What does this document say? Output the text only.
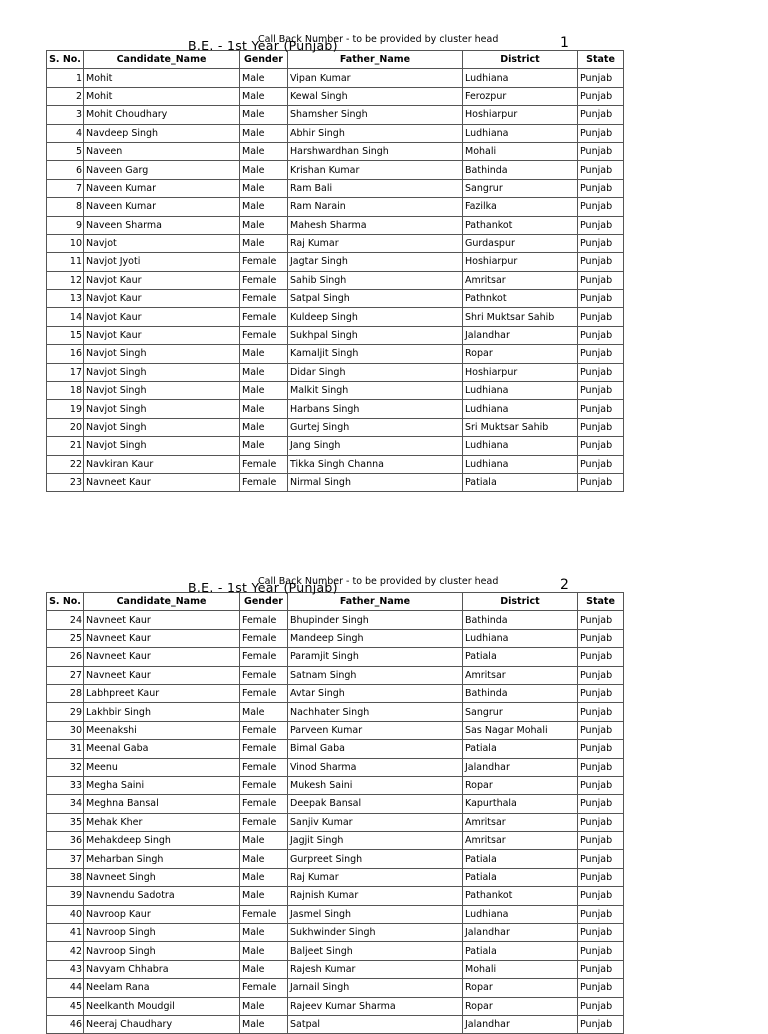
B.E. - 1st Year (Punjab)
Call Back Number - to be provided by cluster head	1
S. No.	Candidate_Name	Gender	Father_Name	District	State
1	Mohit	Male	Vipan Kumar	Ludhiana	Punjab
2	Mohit	Male	Kewal Singh	Ferozpur	Punjab
3	Mohit Choudhary	Male	Shamsher Singh	Hoshiarpur	Punjab
4	Navdeep Singh	Male	Abhir Singh	Ludhiana	Punjab
5	Naveen	Male	Harshwardhan Singh	Mohali	Punjab
6	Naveen Garg	Male	Krishan Kumar	Bathinda	Punjab
7	Naveen Kumar	Male	Ram Bali	Sangrur	Punjab
8	Naveen Kumar	Male	Ram Narain	Fazilka	Punjab
9	Naveen Sharma	Male	Mahesh Sharma	Pathankot	Punjab
10	Navjot	Male	Raj Kumar	Gurdaspur	Punjab
11	Navjot Jyoti	Female	Jagtar Singh	Hoshiarpur	Punjab
12	Navjot Kaur	Female	Sahib Singh	Amritsar	Punjab
13	Navjot Kaur	Female	Satpal Singh	Pathnkot	Punjab
14	Navjot Kaur	Female	Kuldeep Singh	Shri Muktsar Sahib	Punjab
15	Navjot Kaur	Female	Sukhpal Singh	Jalandhar	Punjab
16	Navjot Singh	Male	Kamaljit Singh	Ropar	Punjab
17	Navjot Singh	Male	Didar Singh	Hoshiarpur	Punjab
18	Navjot Singh	Male	Malkit Singh	Ludhiana	Punjab
19	Navjot Singh	Male	Harbans Singh	Ludhiana	Punjab
20	Navjot Singh	Male	Gurtej Singh	Sri Muktsar Sahib	Punjab
21	Navjot Singh	Male	Jang Singh	Ludhiana	Punjab
22	Navkiran Kaur	Female	Tikka Singh Channa	Ludhiana	Punjab
23	Navneet Kaur	Female	Nirmal Singh	Patiala	Punjab
B.E. - 1st Year (Punjab)
Call Back Number - to be provided by cluster head	2
S. No.	Candidate_Name	Gender	Father_Name	District	State
24	Navneet Kaur	Female	Bhupinder Singh	Bathinda	Punjab
25	Navneet Kaur	Female	Mandeep Singh	Ludhiana	Punjab
26	Navneet Kaur	Female	Paramjit Singh	Patiala	Punjab
27	Navneet Kaur	Female	Satnam Singh	Amritsar	Punjab
28	Labhpreet Kaur	Female	Avtar Singh	Bathinda	Punjab
29	Lakhbir Singh	Male	Nachhater Singh	Sangrur	Punjab
30	Meenakshi	Female	Parveen Kumar	Sas Nagar Mohali	Punjab
31	Meenal Gaba	Female	Bimal Gaba	Patiala	Punjab
32	Meenu	Female	Vinod Sharma	Jalandhar	Punjab
33	Megha Saini	Female	Mukesh Saini	Ropar	Punjab
34	Meghna Bansal	Female	Deepak Bansal	Kapurthala	Punjab
35	Mehak Kher	Female	Sanjiv Kumar	Amritsar	Punjab
36	Mehakdeep Singh	Male	Jagjit Singh	Amritsar	Punjab
37	Meharban Singh	Male	Gurpreet Singh	Patiala	Punjab
38	Navneet Singh	Male	Raj Kumar	Patiala	Punjab
39	Navnendu Sadotra	Male	Rajnish Kumar	Pathankot	Punjab
40	Navroop Kaur	Female	Jasmel Singh	Ludhiana	Punjab
41	Navroop Singh	Male	Sukhwinder Singh	Jalandhar	Punjab
42	Navroop Singh	Male	Baljeet Singh	Patiala	Punjab
43	Navyam Chhabra	Male	Rajesh Kumar	Mohali	Punjab
44	Neelam Rana	Female	Jarnail Singh	Ropar	Punjab
45	Neelkanth Moudgil	Male	Rajeev Kumar Sharma	Ropar	Punjab
46	Neeraj Chaudhary	Male	Satpal	Jalandhar	Punjab
